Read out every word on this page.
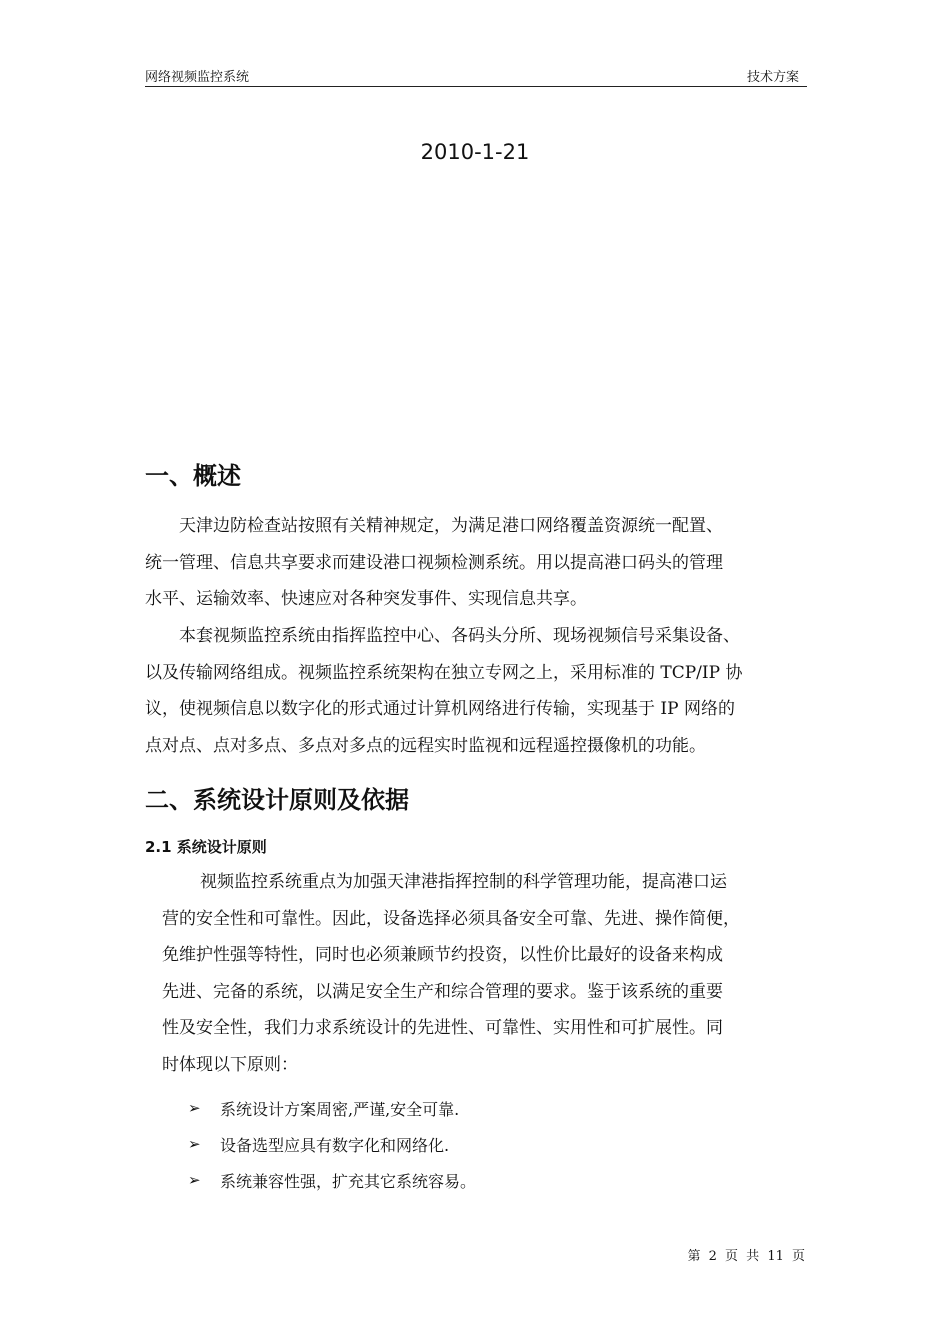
网络视频监控系统	技术方案
2010-1-21
一、概述
天津边防检查站按照有关精神规定，为满足港口网络覆盖资源统一配置、
统一管理、信息共享要求而建设港口视频检测系统。用以提高港口码头的管理
水平、运输效率、快速应对各种突发事件、实现信息共享。
本套视频监控系统由指挥监控中心、各码头分所、现场视频信号采集设备、
以及传输网络组成。视频监控系统架构在独立专网之上，采用标准的 TCP/IP 协
议，使视频信息以数字化的形式通过计算机网络进行传输，实现基于 IP 网络的
点对点、点对多点、多点对多点的远程实时监视和远程遥控摄像机的功能。
二、系统设计原则及依据
2.1 系统设计原则
视频监控系统重点为加强天津港指挥控制的科学管理功能，提高港口运
营的安全性和可靠性。因此，设备选择必须具备安全可靠、先进、操作简便，
免维护性强等特性，同时也必须兼顾节约投资，以性价比最好的设备来构成
先进、完备的系统，以满足安全生产和综合管理的要求。鉴于该系统的重要
性及安全性，我们力求系统设计的先进性、可靠性、实用性和可扩展性。同
时体现以下原则：
➢	系统设计方案周密,严谨,安全可靠.
➢	设备选型应具有数字化和网络化.
➢	系统兼容性强，扩充其它系统容易。
第 2 页 共 11 页
